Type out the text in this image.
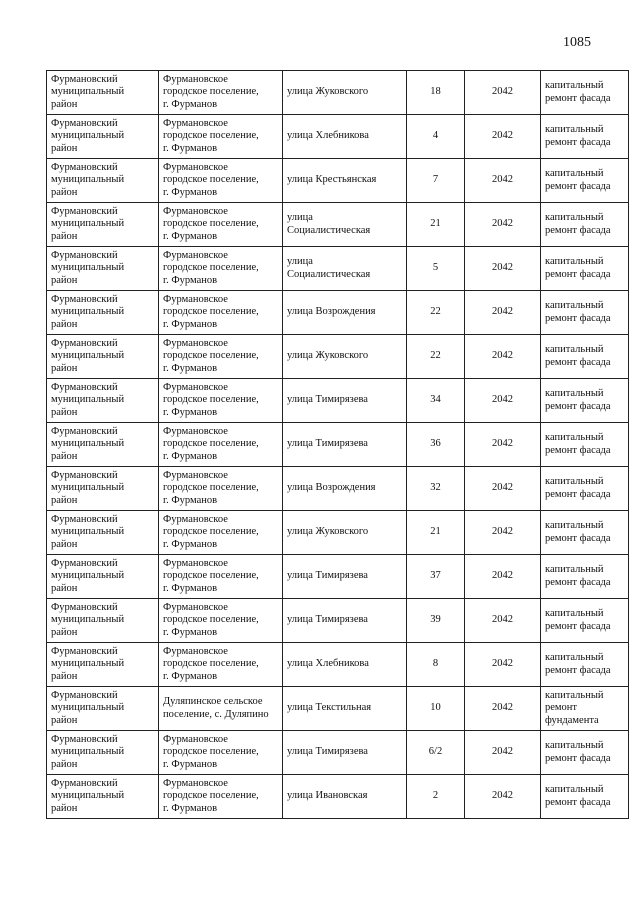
1085
Фурмановский
муниципальный
район	Фурмановское
городское поселение,
г. Фурманов	улица Жуковского	18	2042	капитальный
ремонт фасада

Фурмановский
муниципальный
район	Фурмановское
городское поселение,
г. Фурманов	улица Хлебникова	4	2042	капитальный
ремонт фасада

Фурмановский
муниципальный
район	Фурмановское
городское поселение,
г. Фурманов	улица Крестьянская	7	2042	капитальный
ремонт фасада

Фурмановский
муниципальный
район	Фурмановское
городское поселение,
г. Фурманов	улица
Социалистическая	21	2042	капитальный
ремонт фасада

Фурмановский
муниципальный
район	Фурмановское
городское поселение,
г. Фурманов	улица
Социалистическая	5	2042	капитальный
ремонт фасада

Фурмановский
муниципальный
район	Фурмановское
городское поселение,
г. Фурманов	улица Возрождения	22	2042	капитальный
ремонт фасада

Фурмановский
муниципальный
район	Фурмановское
городское поселение,
г. Фурманов	улица Жуковского	22	2042	капитальный
ремонт фасада

Фурмановский
муниципальный
район	Фурмановское
городское поселение,
г. Фурманов	улица Тимирязева	34	2042	капитальный
ремонт фасада

Фурмановский
муниципальный
район	Фурмановское
городское поселение,
г. Фурманов	улица Тимирязева	36	2042	капитальный
ремонт фасада

Фурмановский
муниципальный
район	Фурмановское
городское поселение,
г. Фурманов	улица Возрождения	32	2042	капитальный
ремонт фасада

Фурмановский
муниципальный
район	Фурмановское
городское поселение,
г. Фурманов	улица Жуковского	21	2042	капитальный
ремонт фасада

Фурмановский
муниципальный
район	Фурмановское
городское поселение,
г. Фурманов	улица Тимирязева	37	2042	капитальный
ремонт фасада

Фурмановский
муниципальный
район	Фурмановское
городское поселение,
г. Фурманов	улица Тимирязева	39	2042	капитальный
ремонт фасада

Фурмановский
муниципальный
район	Фурмановское
городское поселение,
г. Фурманов	улица Хлебникова	8	2042	капитальный
ремонт фасада

Фурмановский
муниципальный
район	Дуляпинское сельское
поселение, с. Дуляпино	улица Текстильная	10	2042	капитальный
ремонт
фундамента

Фурмановский
муниципальный
район	Фурмановское
городское поселение,
г. Фурманов	улица Тимирязева	6/2	2042	капитальный
ремонт фасада

Фурмановский
муниципальный
район	Фурмановское
городское поселение,
г. Фурманов	улица Ивановская	2	2042	капитальный
ремонт фасада
